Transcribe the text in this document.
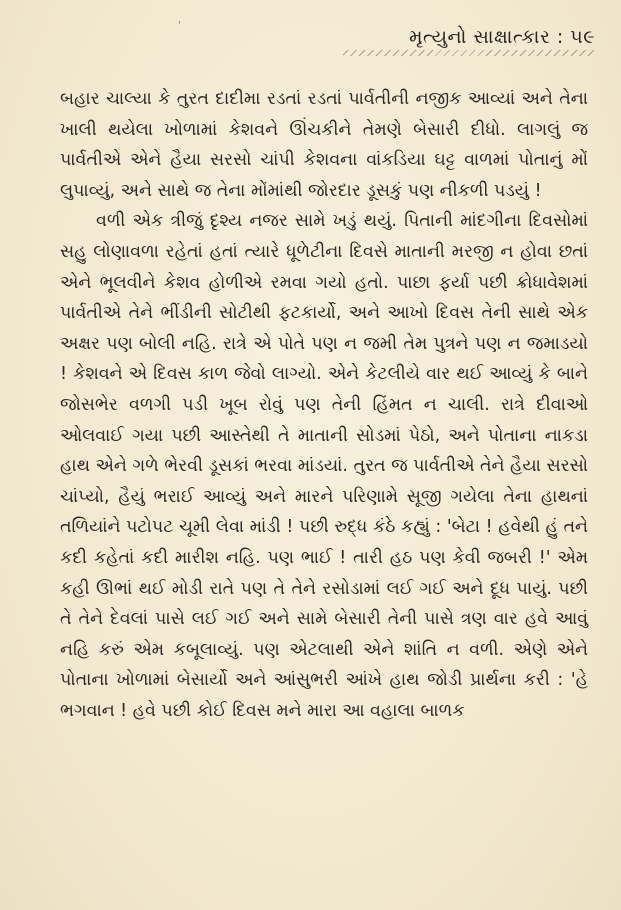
'
મૃત્યુનો સાક્ષાત્કાર : ૫૯

બહાર ચાલ્યા કે તુરત દાદીમા રડતાં રડતાં પાર્વતીની નજીક આવ્યાં અને તેના ખાલી થયેલા ખોળામાં કેશવને ઊંચકીને તેમણે બેસારી દીધો. લાગલું જ પાર્વતીએ એને હૈયા સરસો ચાંપી કેશવના વાંકડિયા ઘટ્ટ વાળમાં પોતાનું મોં લુપાવ્યું, અને સાથે જ તેના મોંમાંથી જોરદાર ડૂસકું પણ નીકળી પડયું !

વળી એક ત્રીજું દૃશ્ય નજર સામે ખડું થયું. પિતાની માંદગીના દિવસોમાં સહુ લોણાવળા રહેતાં હતાં ત્યારે ધૂળેટીના દિવસે માતાની મરજી ન હોવા છતાં એને ભૂલવીને કેશવ હોળીએ રમવા ગયો હતો. પાછા ફર્યા પછી ક્રોધાવેશમાં પાર્વતીએ તેને ભીંડીની સોટીથી ફટકાર્યો, અને આખો દિવસ તેની સાથે એક અક્ષર પણ બોલી નહિ. રાત્રે એ પોતે પણ ન જમી તેમ પુત્રને પણ ન જમાડયો ! કેશવને એ દિવસ કાળ જેવો લાગ્યો. એને કેટલીયે વાર થઈ આવ્યું કે બાને જોસભેર વળગી પડી ખૂબ રોવું પણ તેની હિંમત ન ચાલી. રાત્રે દીવાઓ ઓલવાઈ ગયા પછી આસ્તેથી તે માતાની સોડમાં પેઠો, અને પોતાના નાકડા હાથ એને ગળે ભેરવી ડૂસકાં ભરવા માંડયાં. તુરત જ પાર્વતીએ તેને હૈયા સરસો ચાંપ્યો, હૈયું ભરાઈ આવ્યું અને મારને પરિણામે સૂજી ગયેલા તેના હાથનાં તળિયાંને પટોપટ ચૂમી લેવા માંડી ! પછી રુદ્ધ કંઠે કહ્યું : 'બેટા ! હવેથી હું તને કદી કહેતાં કદી મારીશ નહિ. પણ ભાઈ ! તારી હઠ પણ કેવી જબરી !' એમ કહી ઊભાં થઈ મોડી રાતે પણ તે તેને રસોડામાં લઈ ગઈ અને દૂધ પાયું. પછી તે તેને દેવલાં પાસે લઈ ગઈ અને સામે બેસારી તેની પાસે ત્રણ વાર હવે આવું નહિ કરું એમ કબૂલાવ્યું. પણ એટલાથી એને શાંતિ ન વળી. એણે એને પોતાના ખોળામાં બેસાર્યો અને આંસુભરી આંખે હાથ જોડી પ્રાર્થના કરી : 'હે ભગવાન ! હવે પછી કોઈ દિવસ મને મારા આ વહાલા બાળક
